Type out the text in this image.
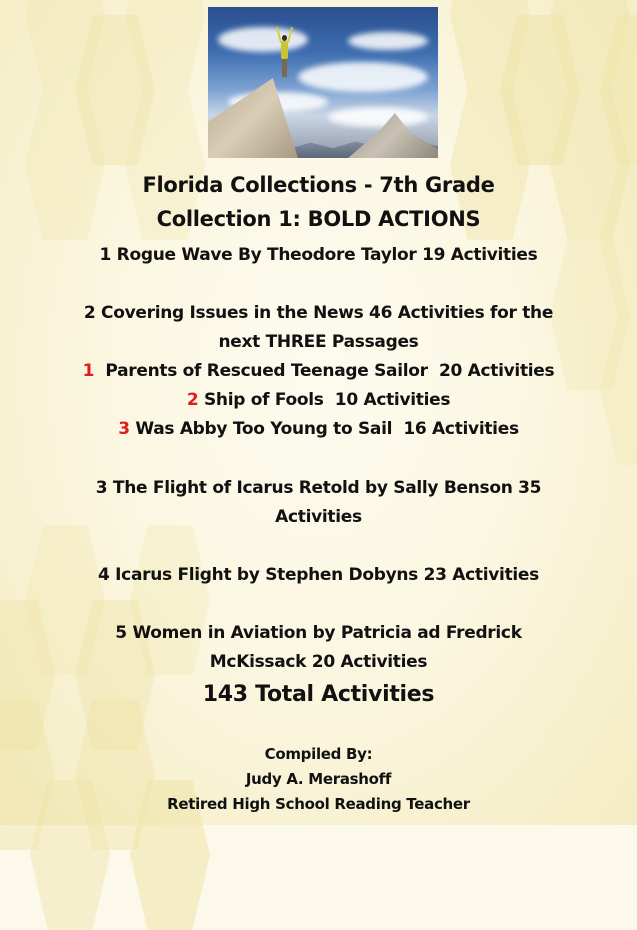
Florida Collections - 7th Grade
Collection 1: BOLD ACTIONS
1 Rogue Wave By Theodore Taylor 19 Activities
2 Covering Issues in the News 46 Activities for the
next THREE Passages
1  Parents of Rescued Teenage Sailor  20 Activities
2 Ship of Fools  10 Activities
3 Was Abby Too Young to Sail  16 Activities
3 The Flight of Icarus Retold by Sally Benson 35
Activities
4 Icarus Flight by Stephen Dobyns 23 Activities
5 Women in Aviation by Patricia ad Fredrick
McKissack 20 Activities
143 Total Activities
Compiled By:
Judy A. Merashoff
Retired High School Reading Teacher
